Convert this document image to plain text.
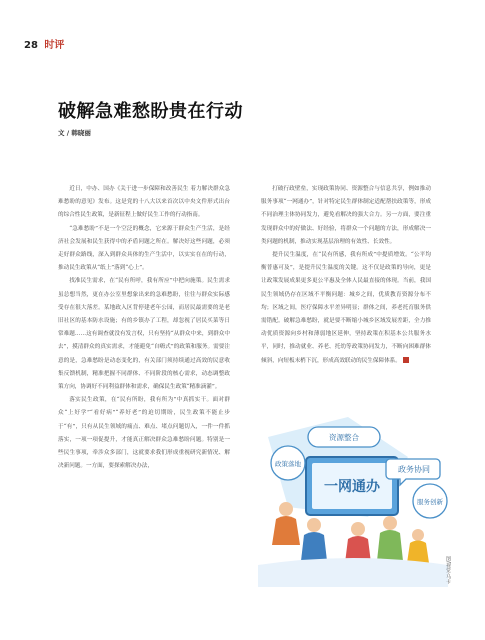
28 时评
破解急难愁盼贵在行动
文 / 韩晓丽

近日，中办、国办《关于进一步保障和改善民生 着力解决群众急难愁盼的意见》发布。这是党的十八大以来首次以中央文件形式出台的综合性民生政策，是新征程上做好民生工作的行动指南。

“急难愁盼”不是一个空泛的概念，它来源于群众生产生活，是经济社会发展和民生获得中的矛盾问题之所在。解决好这些问题，必须走好群众路线，深入到群众具体的生产生活中，以实实在在的行动，推动民生政策从“纸上”落到“心上”。

找准民生需求，在“民有所呼，我有所应”中把向施策。民生需求虽总想当然，更在办公室里想象出来的急难愁盼，往往与群众实际感受存在很大落差。某地政入区背停建老年公园，而居民最需要的是老旧社区的基本防水设施；有的乡镇办了工程，却忽视了居民买菜等日常难题……这有调查就没有发言权，只有坚持“从群众中来，到群众中去”，摸清群众的真实需求，才能避免“自嗨式”的政策和服务。需要注意的是，急难愁盼是动态变化的，有关部门须持续通过高效的民意收集反馈机制，精准把握不同群体、不同阶段的核心需求，动态调整政策方向，协调好不同利益群体和需求，确保民生政策“精准滴灌”。

落实民生政策，在“民有所盼，我有所为”中真抓实干。面对群众“上好学”“看好病”“养好老”的迫切期盼，民生政策不能止步于“有”，只有从民生领域的痛点、难点、堵点问题切入，一件一件抓落实，一项一项促提升，才能真正解决群众急难愁盼问题。特别是一些民生事项，牵涉众多部门，这就要求我们形成重视研究新情况、解决新问题。一方面，要探索解决办法，

打破行政壁垒，实现政策协同、资源整合与信息共享，例如推动服务事项“一网通办”，针对特定民生群体制定适配帮扶政策等，形成不同治理主体协同发力，避免看解决的强大合力。另一方面，要注重发现群众中的好做法、好经验，将群众一个问题的方法，形成解决一类问题的机制，推动实现基层治理的有效性、长效性。

提升民生温度，在“民有所感，我有所成”中提质增效。“公平均衡普惠可及”，是提升民生温度的关键。这不仅是政策的导向，更是让政策发展成果更多更公平惠及全体人民最直接的体现。当前，我国民生领域仍存在区域不平衡问题：城乡之间，优质教育资源分布不均；区域之间，医疗保障水平差异明显；群体之间，养老托育服务供需错配。破解急难愁盼，就是要不断缩小城乡区域发展差距，全力推动优质资源向乡村和薄弱地区延伸，坚持政策在积基本公共服务水平，同时，推动就业、养老、托幼等政策协同发力，不断向困难群体倾斜，向短板末梢下沉，形成高效联动的民生保障体系。

一网通办
政务协同
政策落地
服务创新
资源整合
图/视觉·马卡
